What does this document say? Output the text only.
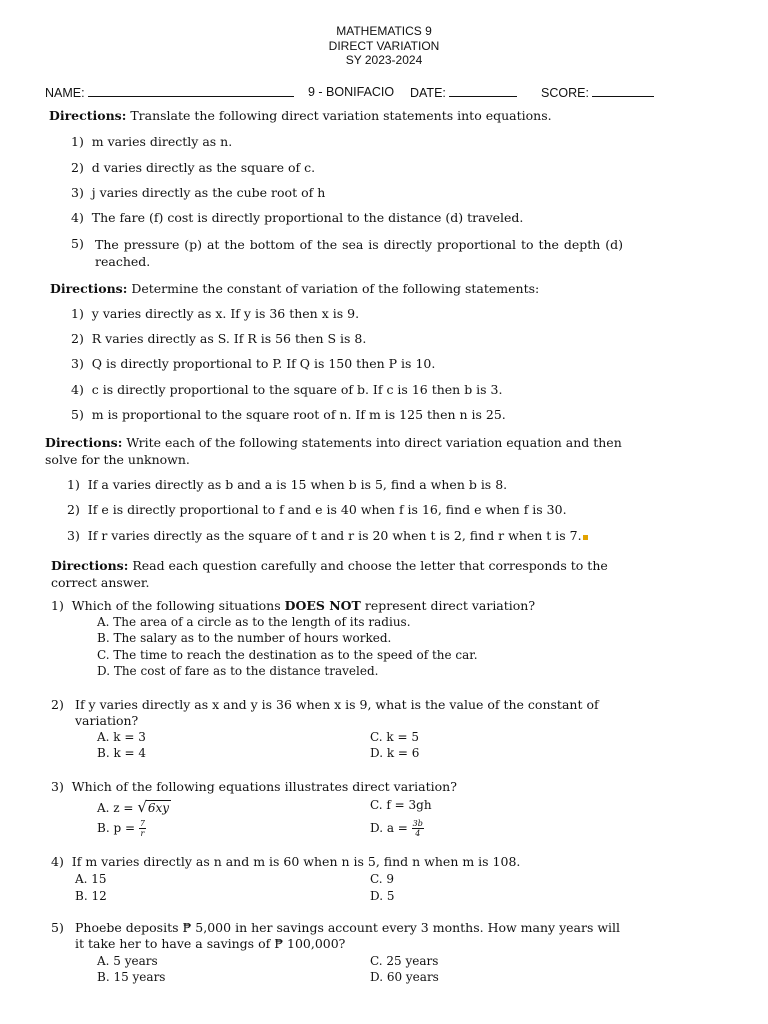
MATHEMATICS 9
DIRECT VARIATION
SY 2023-2024
NAME:	9 - BONIFACIO DATE:	SCORE:
Directions: Translate the following direct variation statements into equations.
1) m varies directly as n.
2) d varies directly as the square of c.
3) j varies directly as the cube root of h
4) The fare (f) cost is directly proportional to the distance (d) traveled.
5) The pressure (p) at the bottom of the sea is directly proportional to the depth (d) reached.
Directions: Determine the constant of variation of the following statements:
1) y varies directly as x. If y is 36 then x is 9.
2) R varies directly as S. If R is 56 then S is 8.
3) Q is directly proportional to P. If Q is 150 then P is 10.
4) c is directly proportional to the square of b. If c is 16 then b is 3.
5) m is proportional to the square root of n. If m is 125 then n is 25.
Directions: Write each of the following statements into direct variation equation and then solve for the unknown.
1) If a varies directly as b and a is 15 when b is 5, find a when b is 8.
2) If e is directly proportional to f and e is 40 when f is 16, find e when f is 30.
3) If r varies directly as the square of t and r is 20 when t is 2, find r when t is 7.
Directions: Read each question carefully and choose the letter that corresponds to the correct answer.
1) Which of the following situations DOES NOT represent direct variation?
A. The area of a circle as to the length of its radius.
B. The salary as to the number of hours worked.
C. The time to reach the destination as to the speed of the car.
D. The cost of fare as to the distance traveled.
2) If y varies directly as x and y is 36 when x is 9, what is the value of the constant of variation?
A. k = 3
B. k = 4
C. k = 5
D. k = 6
3) Which of the following equations illustrates direct variation?
A. z = √6xy
B. $p = \frac{7}{r}$
C. f = 3gh
D. $a = \frac{3b}{4}$
4) If m varies directly as n and m is 60 when n is 5, find n when m is 108.
A. 15
B. 12
C. 9
D. 5
5) Phoebe deposits ₱ 5,000 in her savings account every 3 months. How many years will it take her to have a savings of ₱ 100,000?
A. 5 years
B. 15 years
C. 25 years
D. 60 years
